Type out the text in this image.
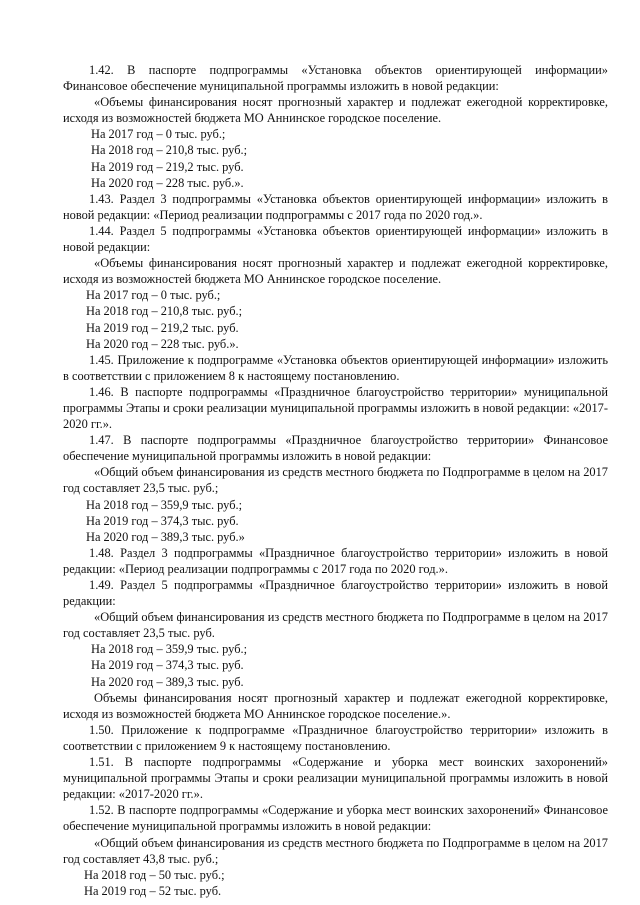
1.42. В паспорте подпрограммы «Установка объектов ориентирующей информации»

Финансовое обеспечение муниципальной программы изложить в новой редакции:

«Объемы финансирования носят прогнозный характер и подлежат ежегодной корректировке, исходя из возможностей бюджета МО Аннинское городское поселение.

На 2017 год – 0 тыс. руб.;

На 2018 год – 210,8 тыс. руб.;

На 2019 год – 219,2 тыс. руб.

На 2020 год – 228 тыс. руб.».

1.43. Раздел 3 подпрограммы «Установка объектов ориентирующей информации» изложить в новой редакции: «Период реализации подпрограммы с 2017 года по 2020 год.».

1.44. Раздел 5 подпрограммы «Установка объектов ориентирующей информации» изложить в новой редакции:

«Объемы финансирования носят прогнозный характер и подлежат ежегодной корректировке, исходя из возможностей бюджета МО Аннинское городское поселение.

На 2017 год – 0 тыс. руб.;

На 2018 год – 210,8 тыс. руб.;

На 2019 год – 219,2 тыс. руб.

На 2020 год – 228 тыс. руб.».

1.45. Приложение к подпрограмме «Установка объектов ориентирующей информации» изложить в соответствии с приложением 8 к настоящему постановлению.

1.46. В паспорте подпрограммы «Праздничное благоустройство территории» муниципальной программы Этапы и сроки реализации муниципальной программы изложить в новой редакции: «2017-2020 гг.».

1.47. В паспорте подпрограммы «Праздничное благоустройство территории» Финансовое обеспечение муниципальной программы изложить в новой редакции:

«Общий объем финансирования из средств местного бюджета по Подпрограмме в целом на 2017 год составляет 23,5 тыс. руб.;

На 2018 год – 359,9 тыс. руб.;

На 2019 год – 374,3 тыс. руб.

На 2020 год – 389,3 тыс. руб.»

1.48. Раздел 3 подпрограммы «Праздничное благоустройство территории» изложить в новой редакции: «Период реализации подпрограммы с 2017 года по 2020 год.».

1.49. Раздел 5 подпрограммы «Праздничное благоустройство территории» изложить в новой редакции:

«Общий объем финансирования из средств местного бюджета по Подпрограмме в целом на 2017 год составляет 23,5 тыс. руб.

На 2018 год – 359,9 тыс. руб.;

На 2019 год – 374,3 тыс. руб.

На 2020 год – 389,3 тыс. руб.

Объемы финансирования носят прогнозный характер и подлежат ежегодной корректировке, исходя из возможностей бюджета МО Аннинское городское поселение.».

1.50. Приложение к подпрограмме «Праздничное благоустройство территории» изложить в соответствии с приложением 9 к настоящему постановлению.

1.51. В паспорте подпрограммы «Содержание и уборка мест воинских захоронений» муниципальной программы Этапы и сроки реализации муниципальной программы изложить в новой редакции: «2017-2020 гг.».

1.52. В паспорте подпрограммы «Содержание и уборка мест воинских захоронений» Финансовое обеспечение муниципальной программы изложить в новой редакции:

«Общий объем финансирования из средств местного бюджета по Подпрограмме в целом на 2017 год составляет 43,8 тыс. руб.;

На 2018 год – 50 тыс. руб.;

На 2019 год – 52 тыс. руб.
